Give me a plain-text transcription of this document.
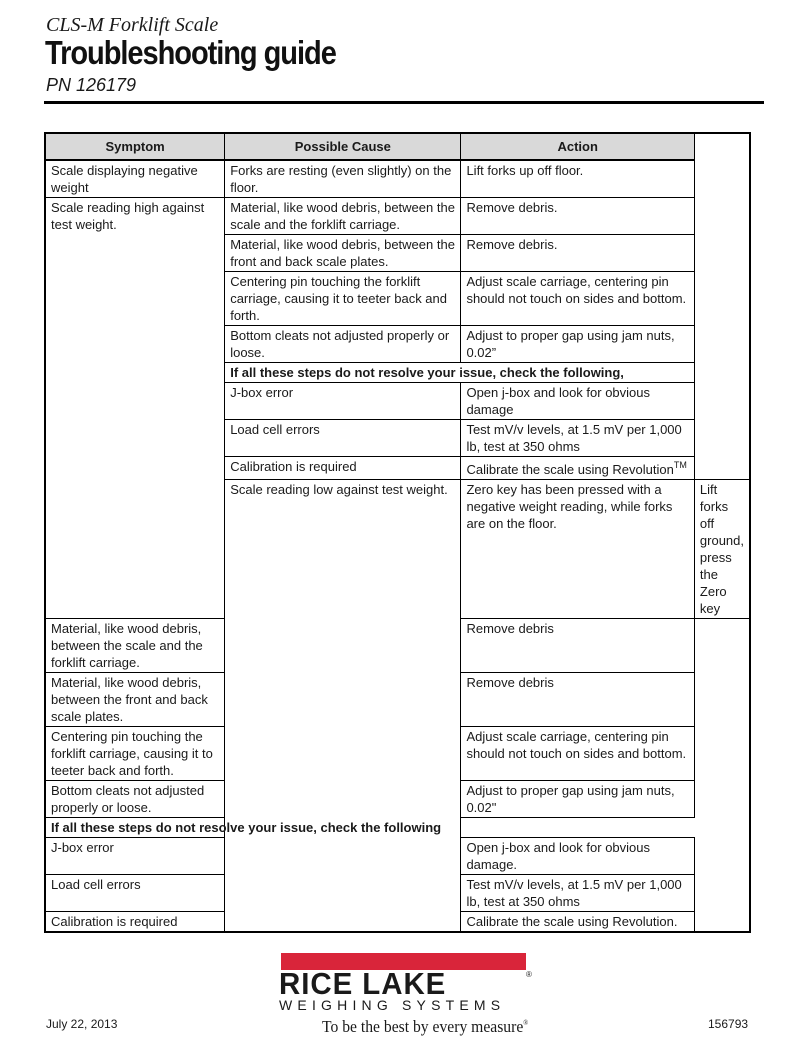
CLS-M Forklift Scale
Troubleshooting guide
PN 126179
Symptom	Possible Cause	Action	
Scale displaying negative weight	Forks are resting (even slightly) on the floor.	Lift forks up off floor.	
Scale reading high against test weight.	Material, like wood debris, between the scale and the forklift carriage.	Remove debris.	
	Material, like wood debris, between the front and back scale plates.	Remove debris.	
	Centering pin touching the forklift carriage, causing it to teeter back and forth.	Adjust scale carriage, centering pin should not touch on sides and bottom.	
	Bottom cleats not adjusted properly or loose.	Adjust to proper gap using jam nuts, 0.02”	
	If all these steps do not resolve your issue, check the following,		
	J-box error	Open j-box and look for obvious damage	
	Load cell errors	Test mV/v levels, at 1.5 mV per 1,000 lb, test at 350 ohms	
	Calibration is required	Calibrate the scale using Revolution™
	Scale reading low against test weight.	Zero key has been pressed with a negative weight reading, while forks are on the floor.	Lift forks off ground, press the Zero key
Material, like wood debris, between the scale and the forklift carriage.		Remove debris	
Material, like wood debris, between the front and back scale plates.		Remove debris	
Centering pin touching the forklift carriage, causing it to teeter back and forth.		Adjust scale carriage, centering pin should not touch on sides and bottom.	
Bottom cleats not adjusted properly or loose.		Adjust to proper gap using jam nuts, 0.02"	
If all these steps do not resolve your issue, check the following			
J-box error		Open j-box and look for obvious damage.	
Load cell errors		Test mV/v levels, at 1.5 mV per 1,000 lb, test at 350 ohms	
Calibration is required		Calibrate the scale using Revolution.	
RICE LAKE	®
WEIGHING SYSTEMS
To be the best by every measure®
July 22, 2013	156793
